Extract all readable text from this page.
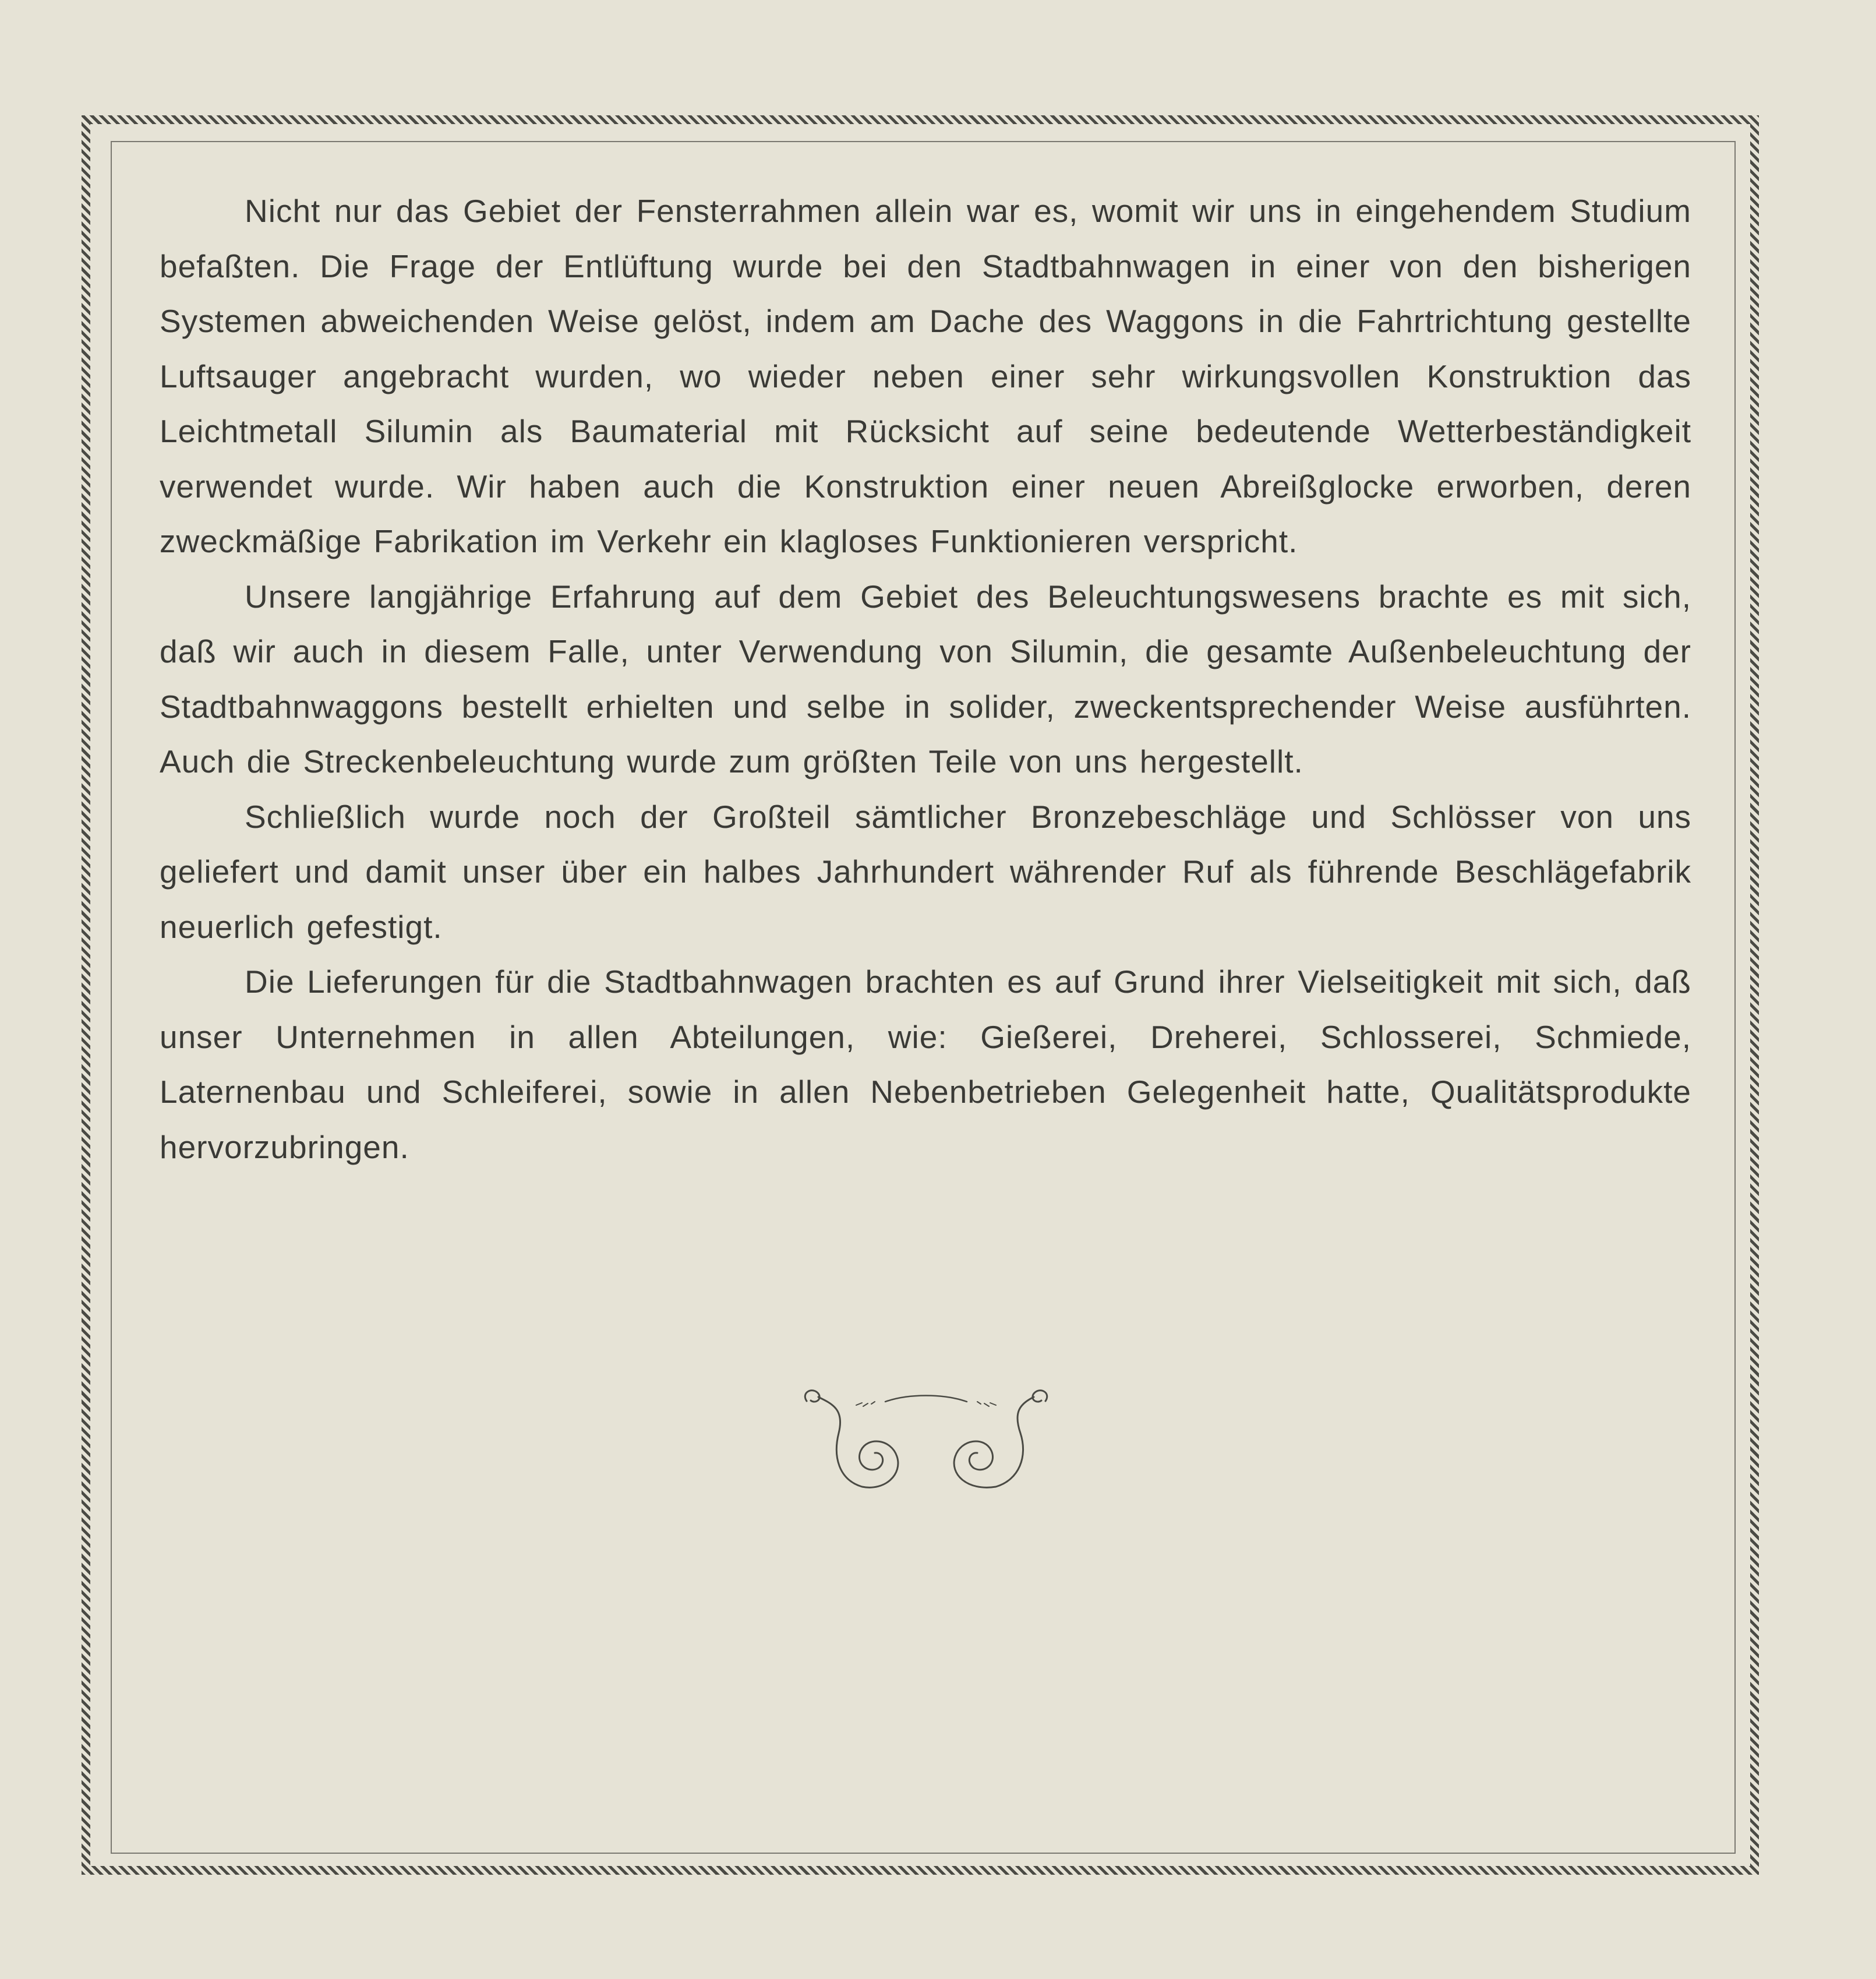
Nicht nur das Gebiet der Fensterrahmen allein war es, womit wir uns in eingehendem Studium befaßten. Die Frage der Entlüftung wurde bei den Stadtbahnwagen in einer von den bisherigen Systemen abweichenden Weise gelöst, indem am Dache des Waggons in die Fahrtrichtung gestellte Luftsauger angebracht wurden, wo wieder neben einer sehr wirkungsvollen Konstruktion das Leichtmetall Silumin als Baumaterial mit Rücksicht auf seine bedeutende Wetterbeständigkeit verwendet wurde. Wir haben auch die Konstruktion einer neuen Abreißglocke erworben, deren zweckmäßige Fabrikation im Verkehr ein klagloses Funktionieren verspricht.

Unsere langjährige Erfahrung auf dem Gebiet des Beleuchtungswesens brachte es mit sich, daß wir auch in diesem Falle, unter Verwendung von Silumin, die gesamte Außenbeleuchtung der Stadtbahnwaggons bestellt erhielten und selbe in solider, zweckentsprechender Weise ausführten. Auch die Streckenbeleuchtung wurde zum größten Teile von uns hergestellt.

Schließlich wurde noch der Großteil sämtlicher Bronzebeschläge und Schlösser von uns geliefert und damit unser über ein halbes Jahrhundert währender Ruf als führende Beschlägefabrik neuerlich gefestigt.

Die Lieferungen für die Stadtbahnwagen brachten es auf Grund ihrer Vielseitigkeit mit sich, daß unser Unternehmen in allen Abteilungen, wie: Gießerei, Dreherei, Schlosserei, Schmiede, Laternenbau und Schleiferei, sowie in allen Nebenbetrieben Gelegenheit hatte, Qualitätsprodukte hervorzubringen.
